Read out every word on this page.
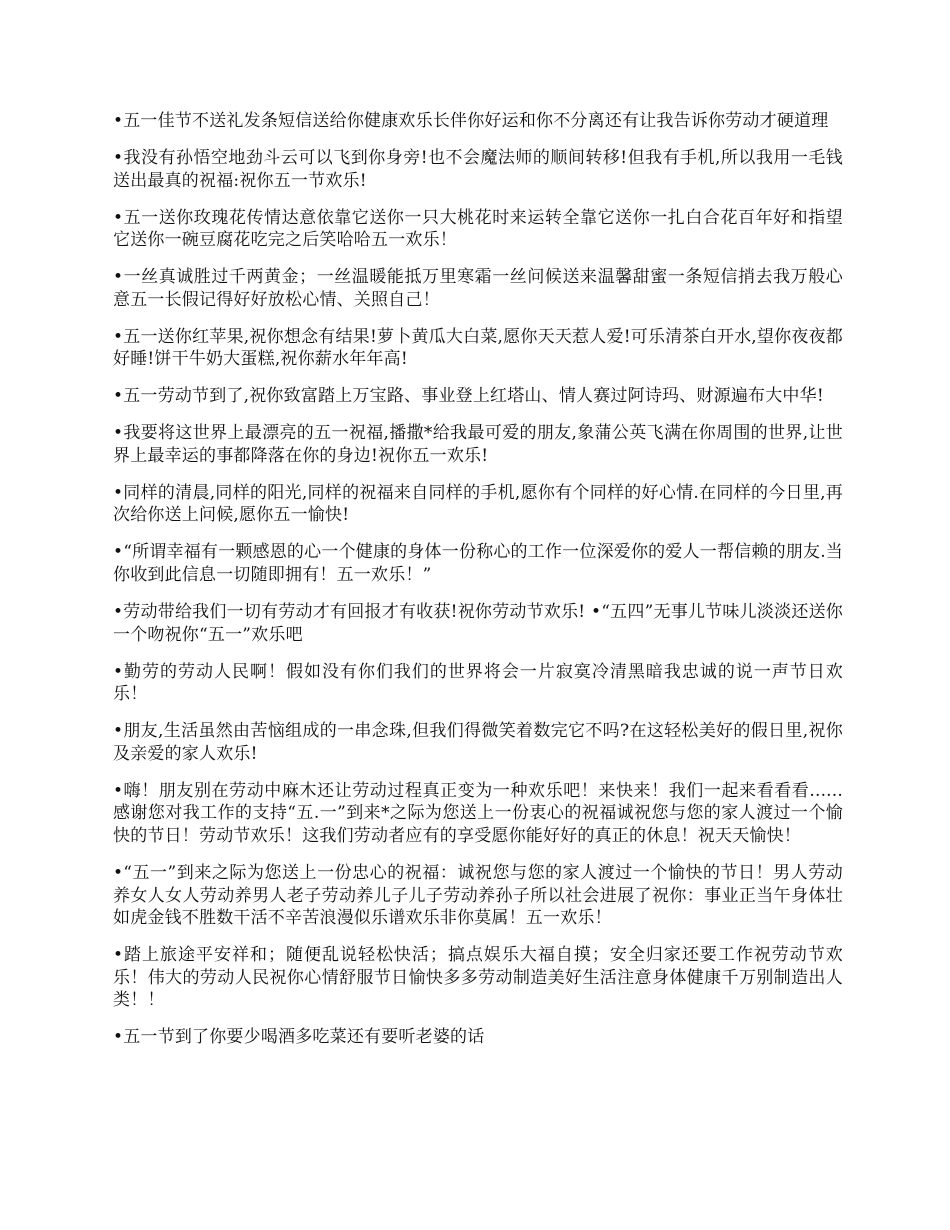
•五一佳节不送礼发条短信送给你健康欢乐长伴你好运和你不分离还有让我告诉你劳动才硬道理

•我没有孙悟空地劲斗云可以飞到你身旁!也不会魔法师的顺间转移!但我有手机,所以我用一毛钱送出最真的祝福:祝你五一节欢乐!

•五一送你玫瑰花传情达意依靠它送你一只大桃花时来运转全靠它送你一扎白合花百年好和指望它送你一碗豆腐花吃完之后笑哈哈五一欢乐！

•一丝真诚胜过千两黄金；一丝温暖能抵万里寒霜一丝问候送来温馨甜蜜一条短信捎去我万般心意五一长假记得好好放松心情、关照自己！

•五一送你红苹果,祝你想念有结果!萝卜黄瓜大白菜,愿你天天惹人爱!可乐清茶白开水,望你夜夜都好睡!饼干牛奶大蛋糕,祝你薪水年年高!

•五一劳动节到了,祝你致富踏上万宝路、事业登上红塔山、情人赛过阿诗玛、财源遍布大中华!

•我要将这世界上最漂亮的五一祝福,播撒*给我最可爱的朋友,象蒲公英飞满在你周围的世界,让世界上最幸运的事都降落在你的身边!祝你五一欢乐!

•同样的清晨,同样的阳光,同样的祝福来自同样的手机,愿你有个同样的好心情.在同样的今日里,再次给你送上问候,愿你五一愉快!

•“所谓幸福有一颗感恩的心一个健康的身体一份称心的工作一位深爱你的爱人一帮信赖的朋友.当你收到此信息一切随即拥有！五一欢乐！”

•劳动带给我们一切有劳动才有回报才有收获!祝你劳动节欢乐! •“五四”无事儿节味儿淡淡还送你一个吻祝你“五一”欢乐吧

•勤劳的劳动人民啊！假如没有你们我们的世界将会一片寂寞冷清黑暗我忠诚的说一声节日欢乐！

•朋友,生活虽然由苦恼组成的一串念珠,但我们得微笑着数完它不吗?在这轻松美好的假日里,祝你及亲爱的家人欢乐!

•嗨！朋友别在劳动中麻木还让劳动过程真正变为一种欢乐吧！来快来！我们一起来看看看......感谢您对我工作的支持“五.一”到来*之际为您送上一份衷心的祝福诚祝您与您的家人渡过一个愉快的节日！劳动节欢乐！这我们劳动者应有的享受愿你能好好的真正的休息！祝天天愉快！

•“五一”到来之际为您送上一份忠心的祝福：诚祝您与您的家人渡过一个愉快的节日！男人劳动养女人女人劳动养男人老子劳动养儿子儿子劳动养孙子所以社会进展了祝你：事业正当午身体壮如虎金钱不胜数干活不辛苦浪漫似乐谱欢乐非你莫属！五一欢乐！

•踏上旅途平安祥和；随便乱说轻松快活；搞点娱乐大福自摸；安全归家还要工作祝劳动节欢乐！伟大的劳动人民祝你心情舒服节日愉快多多劳动制造美好生活注意身体健康千万别制造出人类！！

•五一节到了你要少喝酒多吃菜还有要听老婆的话
